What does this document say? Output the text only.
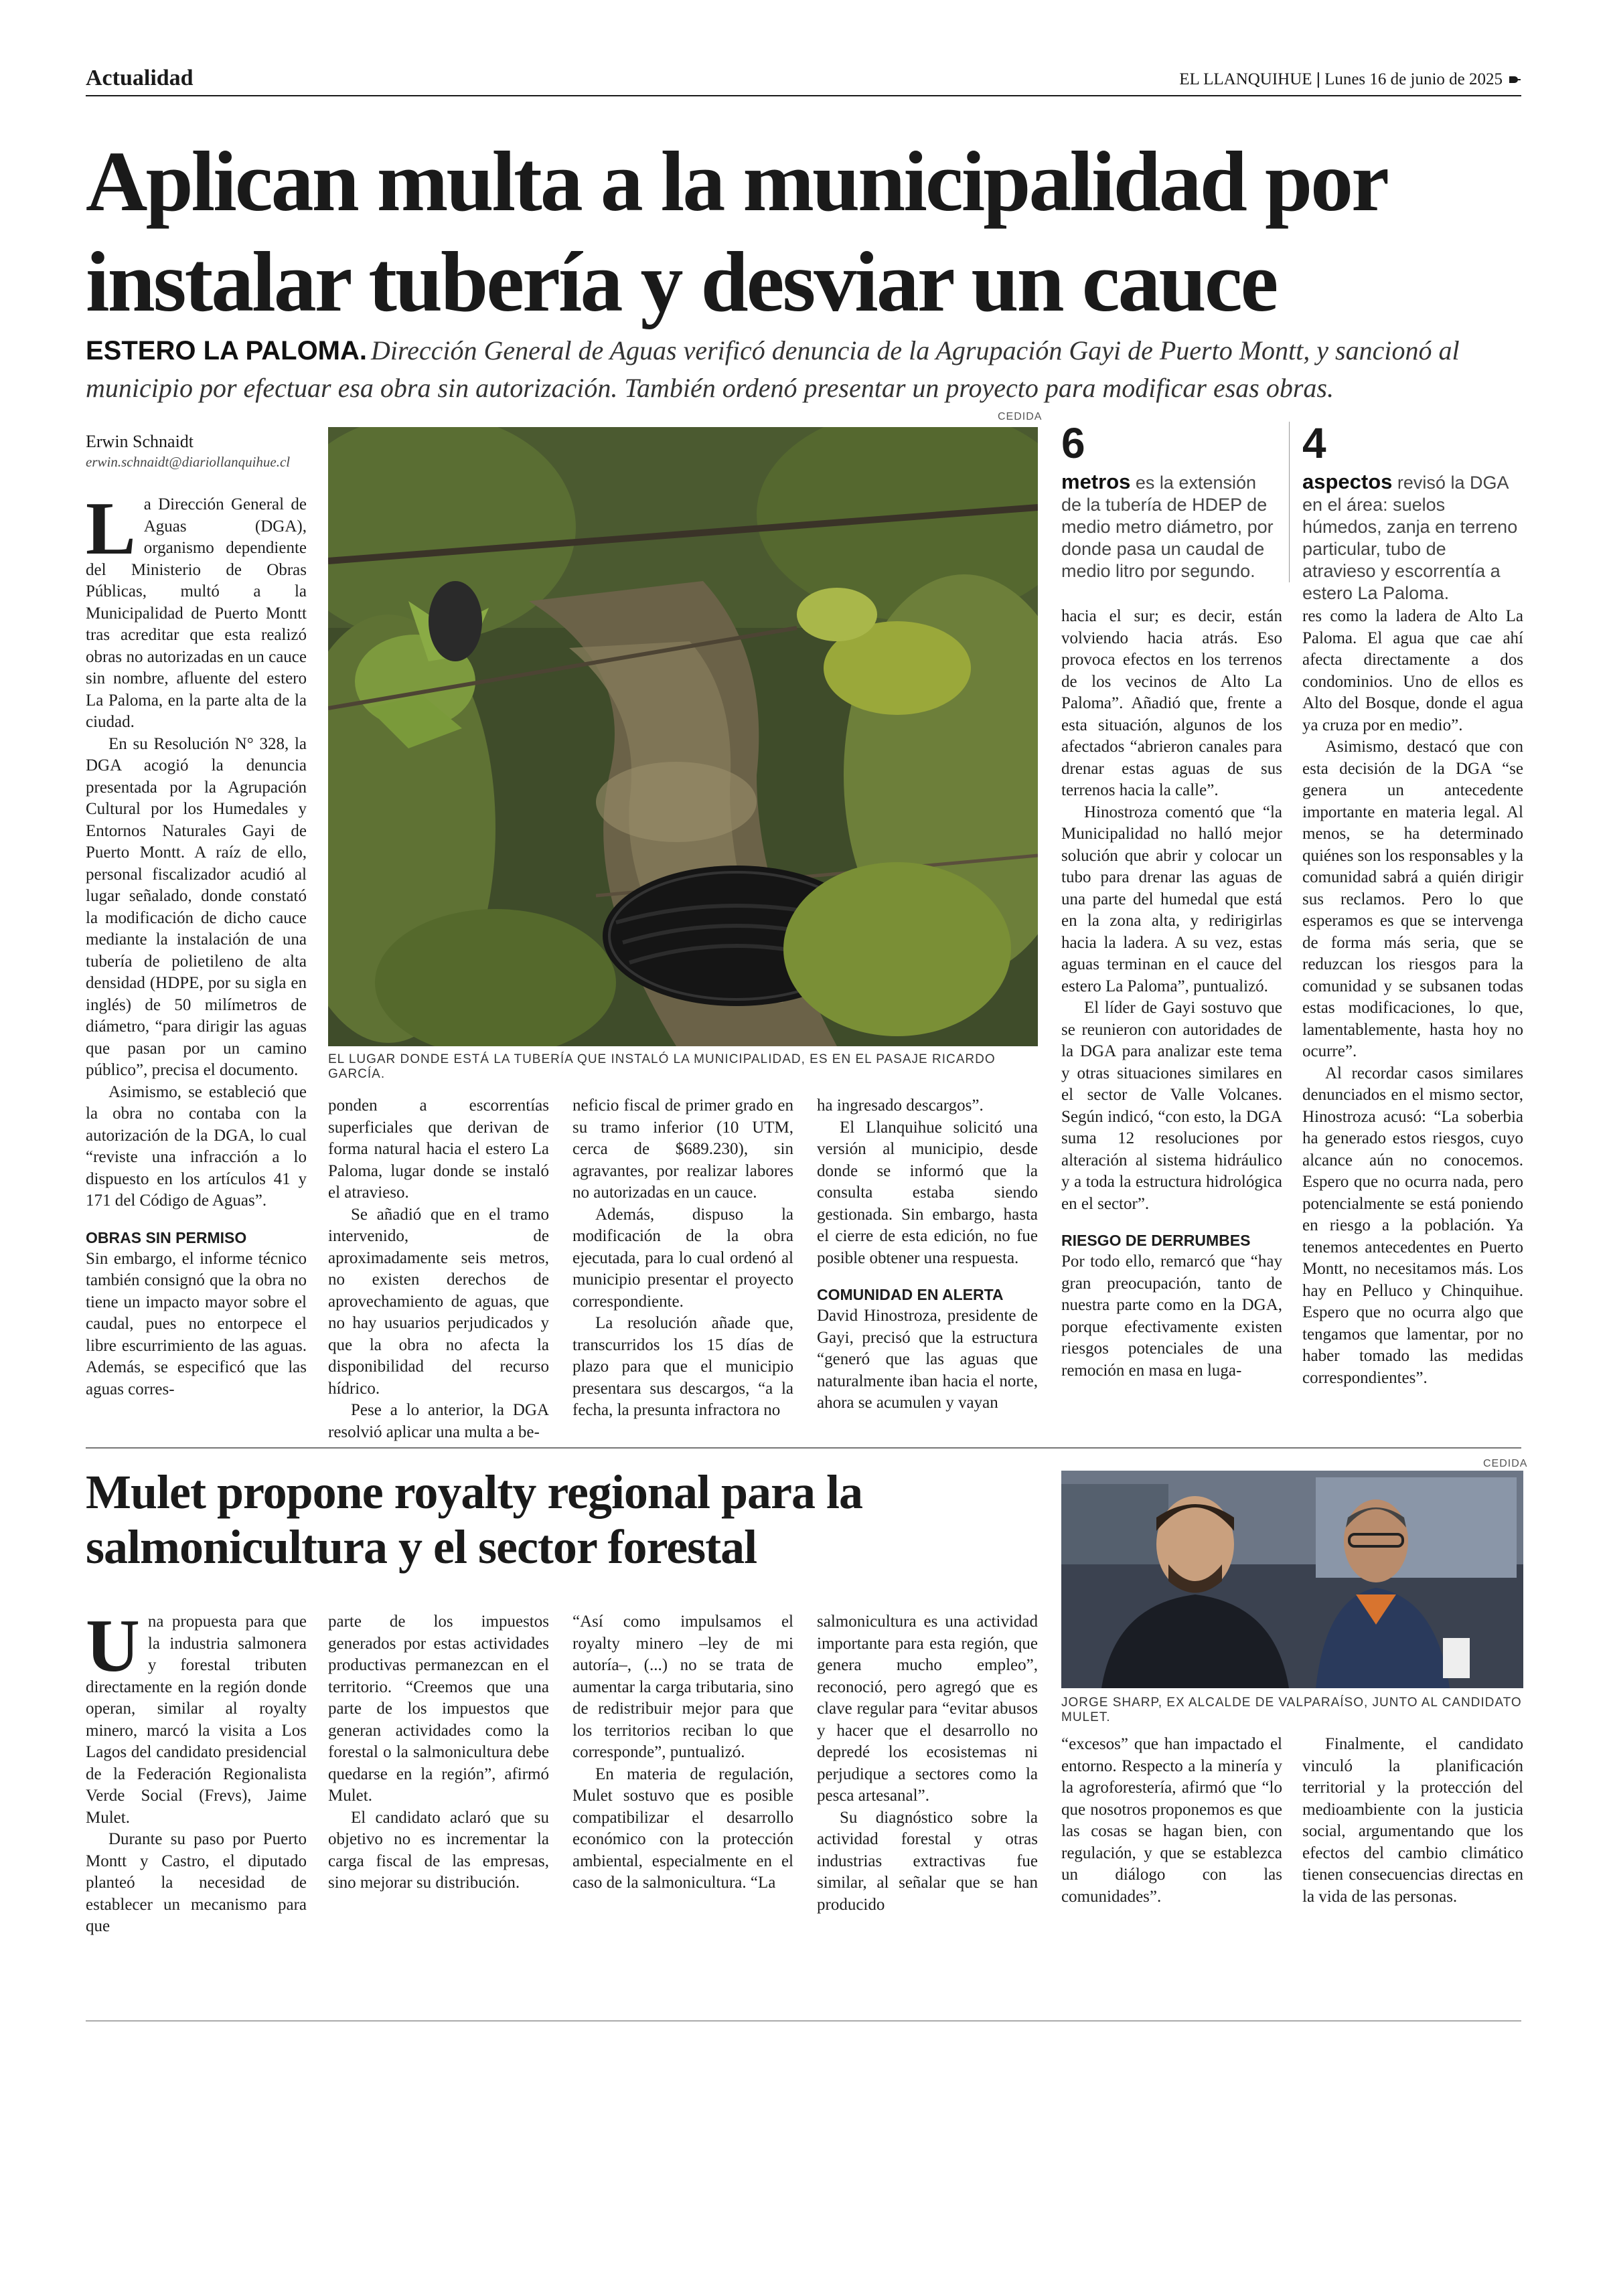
Actualidad	EL LLANQUIHUE | Lunes 16 de junio de 2025
Aplican multa a la municipalidad por instalar tubería y desviar un cauce
ESTERO LA PALOMA. Dirección General de Aguas verificó denuncia de la Agrupación Gayi de Puerto Montt, y sancionó al municipio por efectuar esa obra sin autorización. También ordenó presentar un proyecto para modificar esas obras.
Erwin Schnaidt
erwin.schnaidt@diariollanquihue.cl

La Dirección General de Aguas (DGA), organismo dependiente del Ministerio de Obras Públicas, multó a la Municipalidad de Puerto Montt tras acreditar que esta realizó obras no autorizadas en un cauce sin nombre, afluente del estero La Paloma, en la parte alta de la ciudad.

En su Resolución N° 328, la DGA acogió la denuncia presentada por la Agrupación Cultural por los Humedales y Entornos Naturales Gayi de Puerto Montt. A raíz de ello, personal fiscalizador acudió al lugar señalado, donde constató la modificación de dicho cauce mediante la instalación de una tubería de polietileno de alta densidad (HDPE, por su sigla en inglés) de 50 milímetros de diámetro, “para dirigir las aguas que pasan por un camino público”, precisa el documento.

Asimismo, se estableció que la obra no contaba con la autorización de la DGA, lo cual “reviste una infracción a lo dispuesto en los artículos 41 y 171 del Código de Aguas”.

OBRAS SIN PERMISO

Sin embargo, el informe técnico también consignó que la obra no tiene un impacto mayor sobre el caudal, pues no entorpece el libre escurrimiento de las aguas. Además, se especificó que las aguas corres-

CEDIDA
EL LUGAR DONDE ESTÁ LA TUBERÍA QUE INSTALÓ LA MUNICIPALIDAD, ES EN EL PASAJE RICARDO GARCÍA.
6
metros es la extensión de la tubería de HDEP de medio metro diámetro, por donde pasa un caudal de medio litro por segundo.
4
aspectos revisó la DGA en el área: suelos húmedos, zanja en terreno particular, tubo de atravieso y escorrentía a estero La Paloma.

ponden a escorrentías superficiales que derivan de forma natural hacia el estero La Paloma, lugar donde se instaló el atravieso.

Se añadió que en el tramo intervenido, de aproximadamente seis metros, no existen derechos de aprovechamiento de aguas, que no hay usuarios perjudicados y que la obra no afecta la disponibilidad del recurso hídrico.

Pese a lo anterior, la DGA resolvió aplicar una multa a be-

neficio fiscal de primer grado en su tramo inferior (10 UTM, cerca de $689.230), sin agravantes, por realizar labores no autorizadas en un cauce.

Además, dispuso la modificación de la obra ejecutada, para lo cual ordenó al municipio presentar el proyecto correspondiente.

La resolución añade que, transcurridos los 15 días de plazo para que el municipio presentara sus descargos, “a la fecha, la presunta infractora no

ha ingresado descargos”.

El Llanquihue solicitó una versión al municipio, desde donde se informó que la consulta estaba siendo gestionada. Sin embargo, hasta el cierre de esta edición, no fue posible obtener una respuesta.

COMUNIDAD EN ALERTA

David Hinostroza, presidente de Gayi, precisó que la estructura “generó que las aguas que naturalmente iban hacia el norte, ahora se acumulen y vayan

hacia el sur; es decir, están volviendo hacia atrás. Eso provoca efectos en los terrenos de los vecinos de Alto La Paloma”. Añadió que, frente a esta situación, algunos de los afectados “abrieron canales para drenar estas aguas de sus terrenos hacia la calle”.

Hinostroza comentó que “la Municipalidad no halló mejor solución que abrir y colocar un tubo para drenar las aguas de una parte del humedal que está en la zona alta, y redirigirlas hacia la ladera. A su vez, estas aguas terminan en el cauce del estero La Paloma”, puntualizó.

El líder de Gayi sostuvo que se reunieron con autoridades de la DGA para analizar este tema y otras situaciones similares en el sector de Valle Volcanes. Según indicó, “con esto, la DGA suma 12 resoluciones por alteración al sistema hidráulico y a toda la estructura hidrológica en el sector”.

RIESGO DE DERRUMBES

Por todo ello, remarcó que “hay gran preocupación, tanto de nuestra parte como en la DGA, porque efectivamente existen riesgos potenciales de una remoción en masa en luga-

res como la ladera de Alto La Paloma. El agua que cae ahí afecta directamente a dos condominios. Uno de ellos es Alto del Bosque, donde el agua ya cruza por en medio”.

Asimismo, destacó que con esta decisión de la DGA “se genera un antecedente importante en materia legal. Al menos, se ha determinado quiénes son los responsables y la comunidad sabrá a quién dirigir sus reclamos. Pero lo que esperamos es que se intervenga de forma más seria, que se reduzcan los riesgos para la comunidad y se subsanen todas estas modificaciones, lo que, lamentablemente, hasta hoy no ocurre”.

Al recordar casos similares denunciados en el mismo sector, Hinostroza acusó: “La soberbia ha generado estos riesgos, cuyo alcance aún no conocemos. Espero que no ocurra nada, pero potencialmente se está poniendo en riesgo a la población. Ya tenemos antecedentes en Puerto Montt, no necesitamos más. Los hay en Pelluco y Chinquihue. Espero que no ocurra algo que tengamos que lamentar, por no haber tomado las medidas correspondientes”.

Mulet propone royalty regional para la salmonicultura y el sector forestal
CEDIDA
JORGE SHARP, EX ALCALDE DE VALPARAÍSO, JUNTO AL CANDIDATO MULET.

Una propuesta para que la industria salmonera y forestal tributen directamente en la región donde operan, similar al royalty minero, marcó la visita a Los Lagos del candidato presidencial de la Federación Regionalista Verde Social (Frevs), Jaime Mulet.

Durante su paso por Puerto Montt y Castro, el diputado planteó la necesidad de establecer un mecanismo para que

parte de los impuestos generados por estas actividades productivas permanezcan en el territorio. “Creemos que una parte de los impuestos que generan actividades como la forestal o la salmonicultura debe quedarse en la región”, afirmó Mulet.

El candidato aclaró que su objetivo no es incrementar la carga fiscal de las empresas, sino mejorar su distribución.

“Así como impulsamos el royalty minero –ley de mi autoría–, (...) no se trata de aumentar la carga tributaria, sino de redistribuir mejor para que los territorios reciban lo que corresponde”, puntualizó.

En materia de regulación, Mulet sostuvo que es posible compatibilizar el desarrollo económico con la protección ambiental, especialmente en el caso de la salmonicultura. “La

salmonicultura es una actividad importante para esta región, que genera mucho empleo”, reconoció, pero agregó que es clave regular para “evitar abusos y hacer que el desarrollo no depredé los ecosistemas ni perjudique a sectores como la pesca artesanal”.

Su diagnóstico sobre la actividad forestal y otras industrias extractivas fue similar, al señalar que se han producido

“excesos” que han impactado el entorno. Respecto a la minería y la agroforestería, afirmó que “lo que nosotros proponemos es que las cosas se hagan bien, con regulación, y que se establezca un diálogo con las comunidades”.

Finalmente, el candidato vinculó la planificación territorial y la protección del medioambiente con la justicia social, argumentando que los efectos del cambio climático tienen consecuencias directas en la vida de las personas.
